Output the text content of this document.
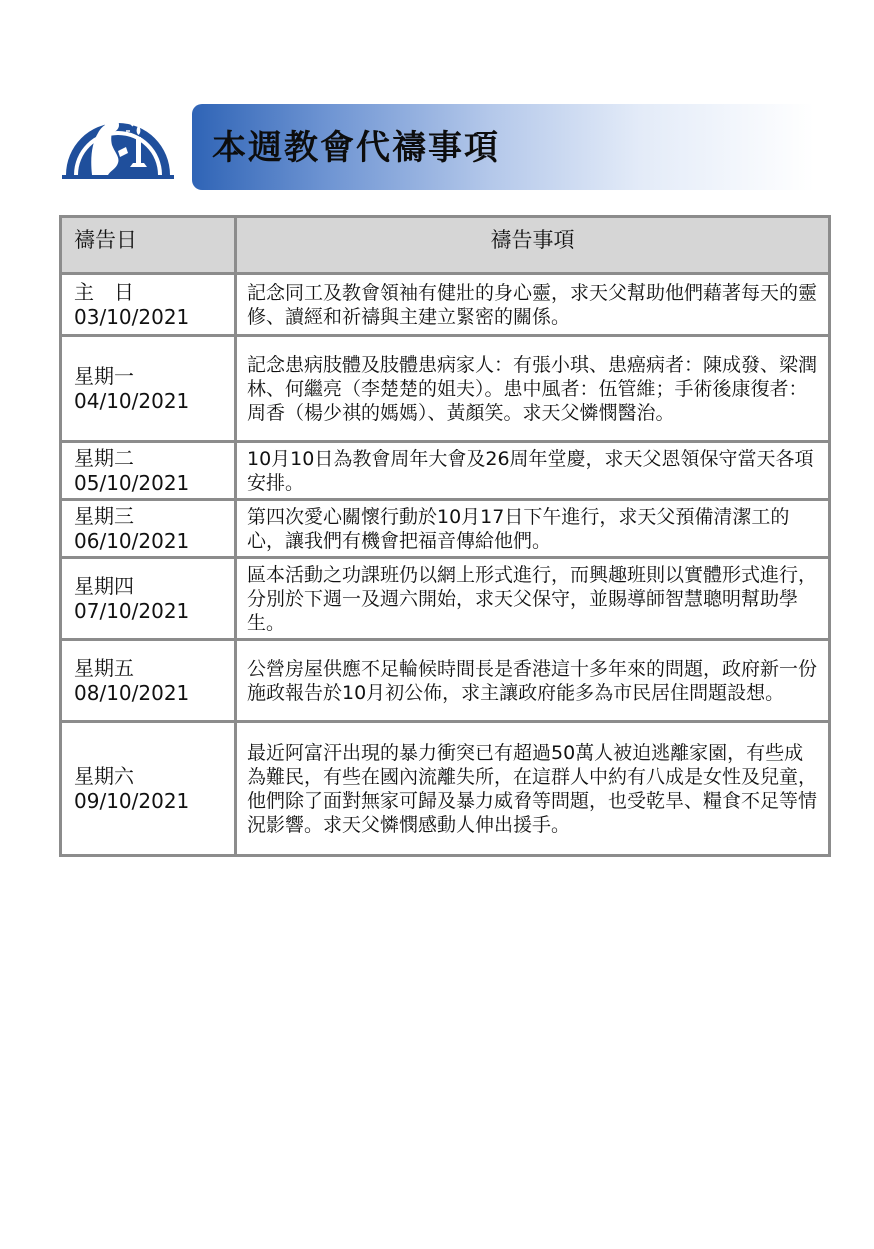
本週教會代禱事項
禱告日	禱告事項

主　日
03/10/2021	記念同工及教會領袖有健壯的身心靈，求天父幫助他們藉著每天的靈修、讀經和祈禱與主建立緊密的關係。

星期一
04/10/2021	記念患病肢體及肢體患病家人：有張小琪、患癌病者：陳成發、梁潤林、何繼亮（李楚楚的姐夫）。患中風者：伍管維；手術後康復者：周香（楊少祺的媽媽）、黃顏笑。求天父憐憫醫治。

星期二
05/10/2021	10月10日為教會周年大會及26周年堂慶，求天父恩領保守當天各項安排。

星期三
06/10/2021	第四次愛心關懷行動於10月17日下午進行，求天父預備清潔工的心，讓我們有機會把福音傳給他們。

星期四
07/10/2021	區本活動之功課班仍以網上形式進行，而興趣班則以實體形式進行，分別於下週一及週六開始，求天父保守，並賜導師智慧聰明幫助學生。

星期五
08/10/2021	公營房屋供應不足輪候時間長是香港這十多年來的問題，政府新一份施政報告於10月初公佈，求主讓政府能多為市民居住問題設想。

星期六
09/10/2021	最近阿富汗出現的暴力衝突已有超過50萬人被迫逃離家園，有些成為難民，有些在國內流離失所，在這群人中約有八成是女性及兒童，他們除了面對無家可歸及暴力威脅等問題，也受乾旱、糧食不足等情況影響。求天父憐憫感動人伸出援手。
